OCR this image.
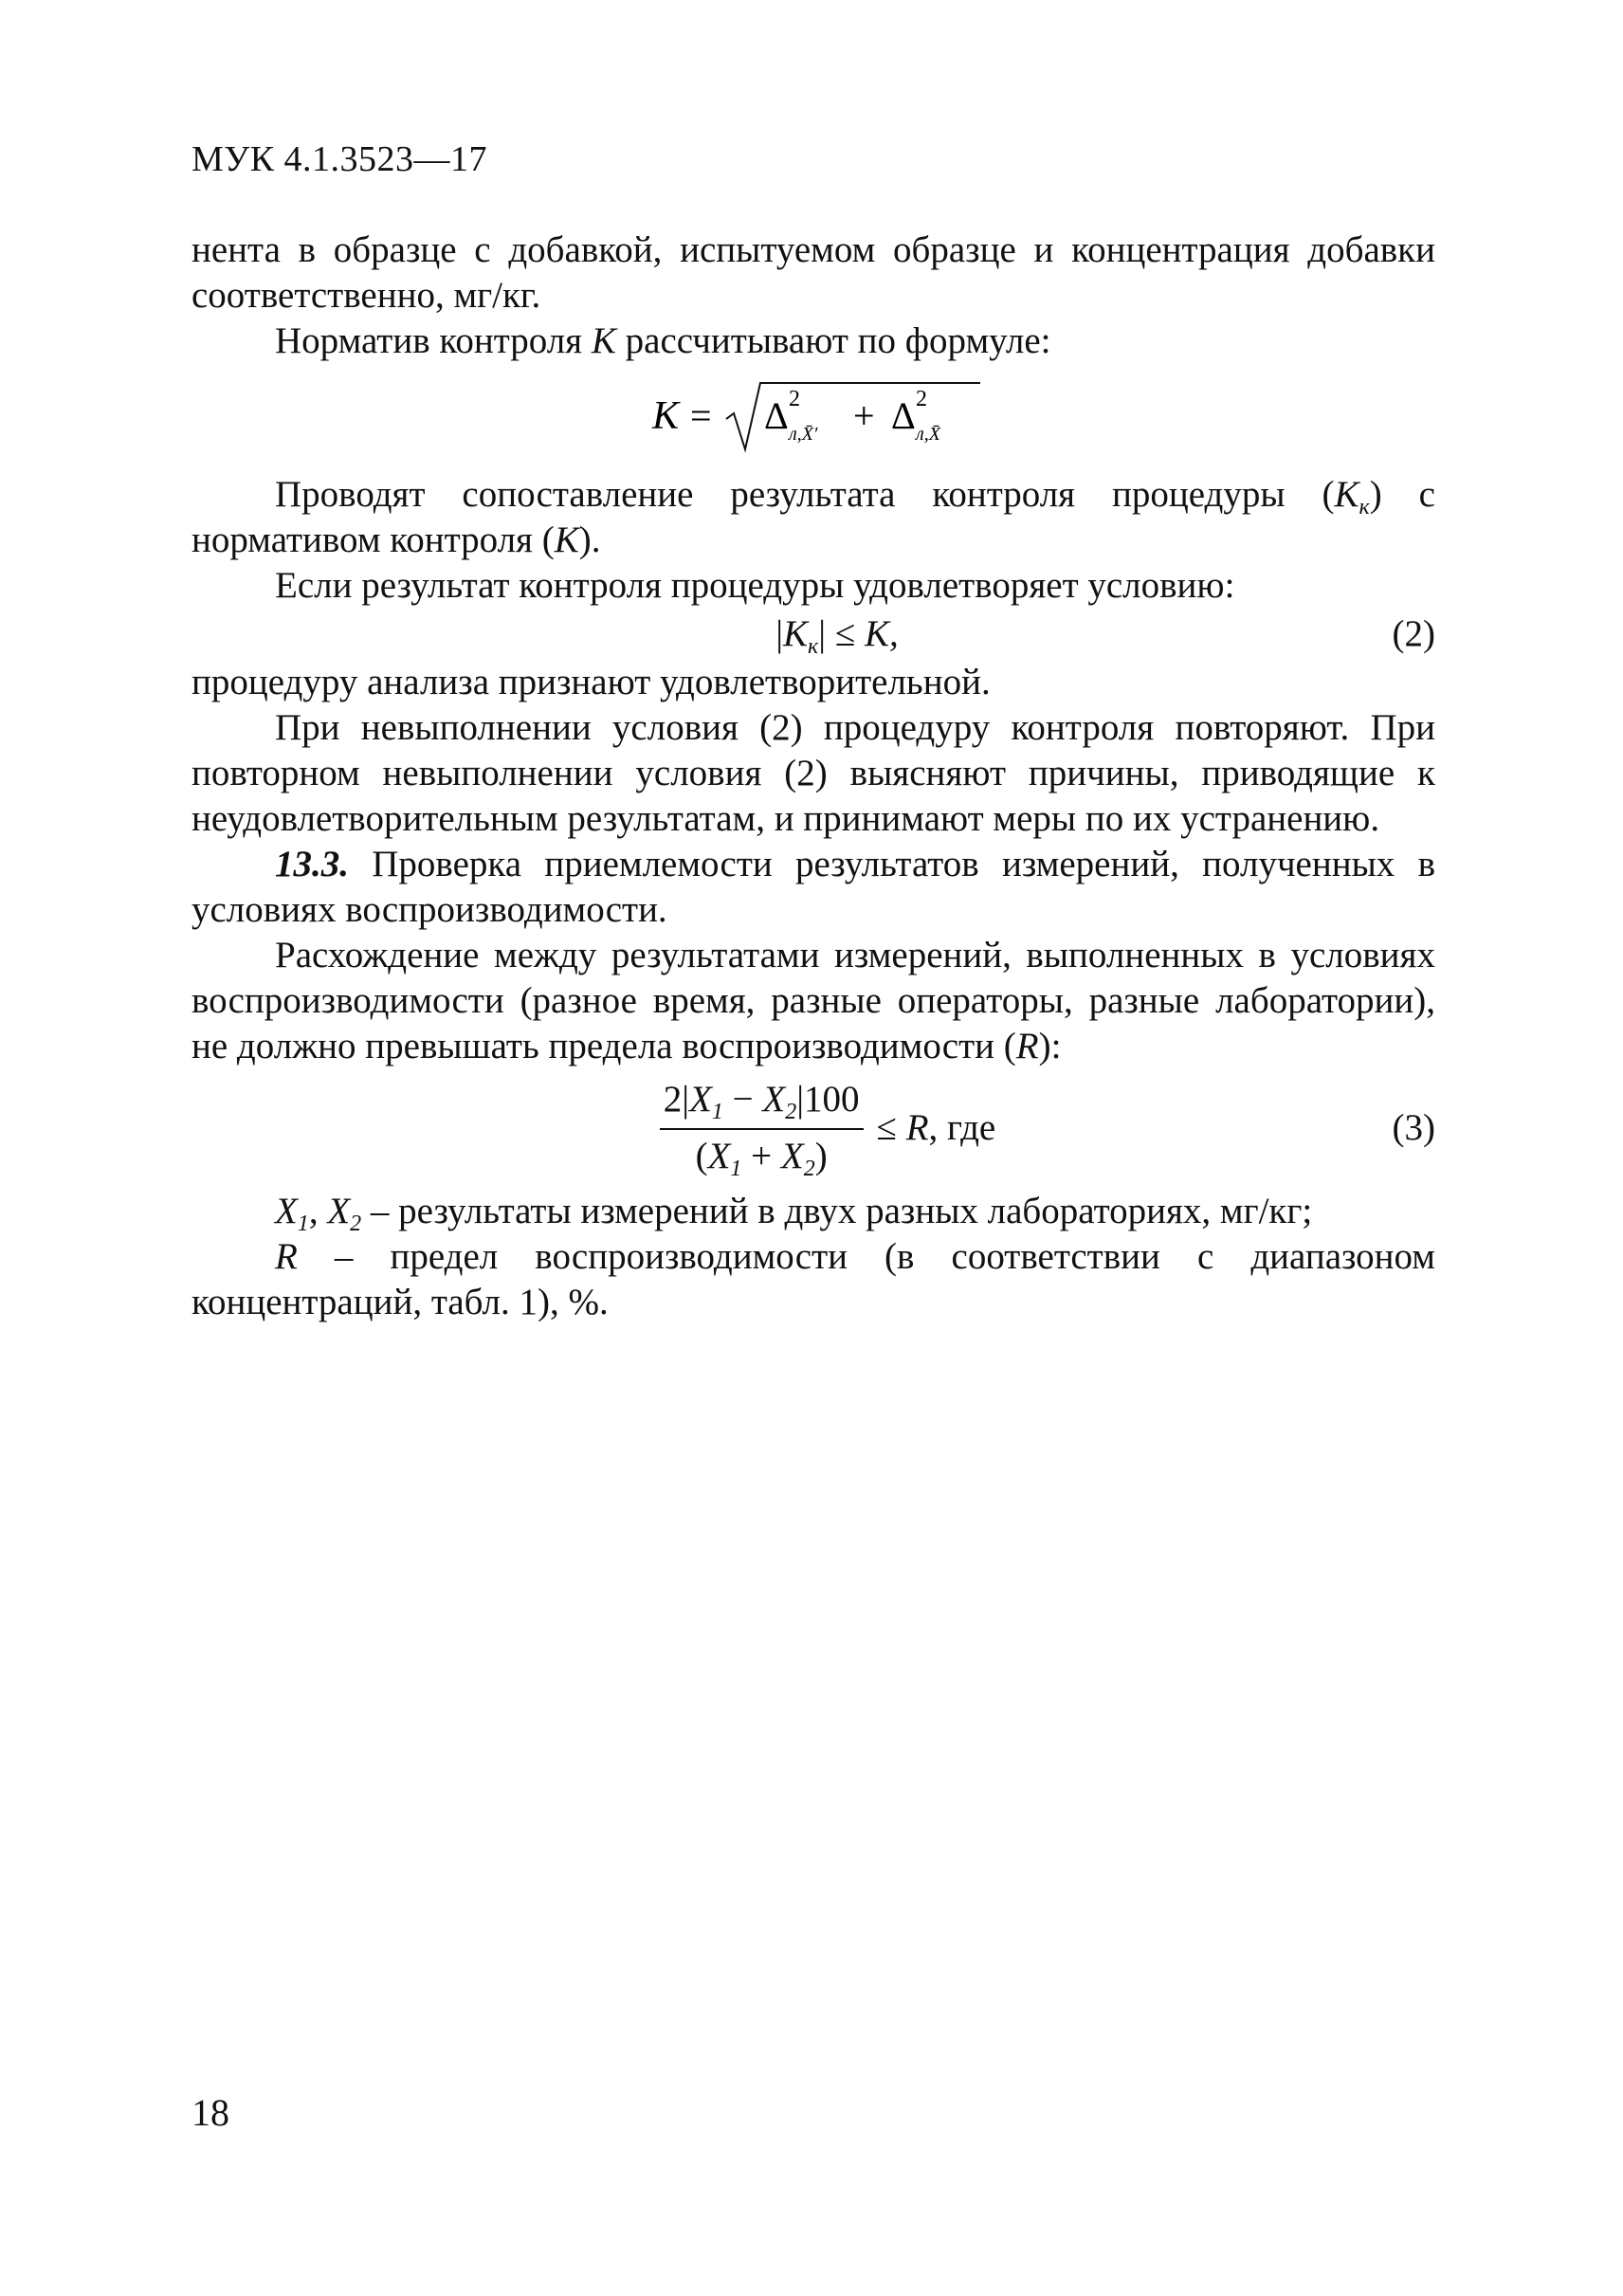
МУК 4.1.3523—17

нента в образце с добавкой, испытуемом образце и концентрация добавки соответственно, мг/кг.

Норматив контроля K рассчитывают по формуле:

K = Δ 2
л,X̄′ + Δ 2
л,X̄

Проводят сопоставление результата контроля процедуры $(K_к)$ с нормативом контроля (K).

Если результат контроля процедуры удовлетворяет условию:

$|K_к| \le K$,	(2)

процедуру анализа признают удовлетворительной.

При невыполнении условия (2) процедуру контроля повторяют. При повторном невыполнении условия (2) выясняют причины, приводящие к неудовлетворительным результатам, и принимают меры по их устранению.

13.3. Проверка приемлемости результатов измерений, полученных в условиях воспроизводимости.

Расхождение между результатами измерений, выполненных в условиях воспроизводимости (разное время, разные операторы, разные лаборатории), не должно превышать предела воспроизводимости (R):

$\frac{2|X_1 - X_2|100}{(X_1 + X_2)}$ ≤
R , где	(3)

$X_1$, $X_2$ – результаты измерений в двух разных лабораториях, мг/кг;

R – предел воспроизводимости (в соответствии с диапазоном концентраций, табл. 1), %.

18
